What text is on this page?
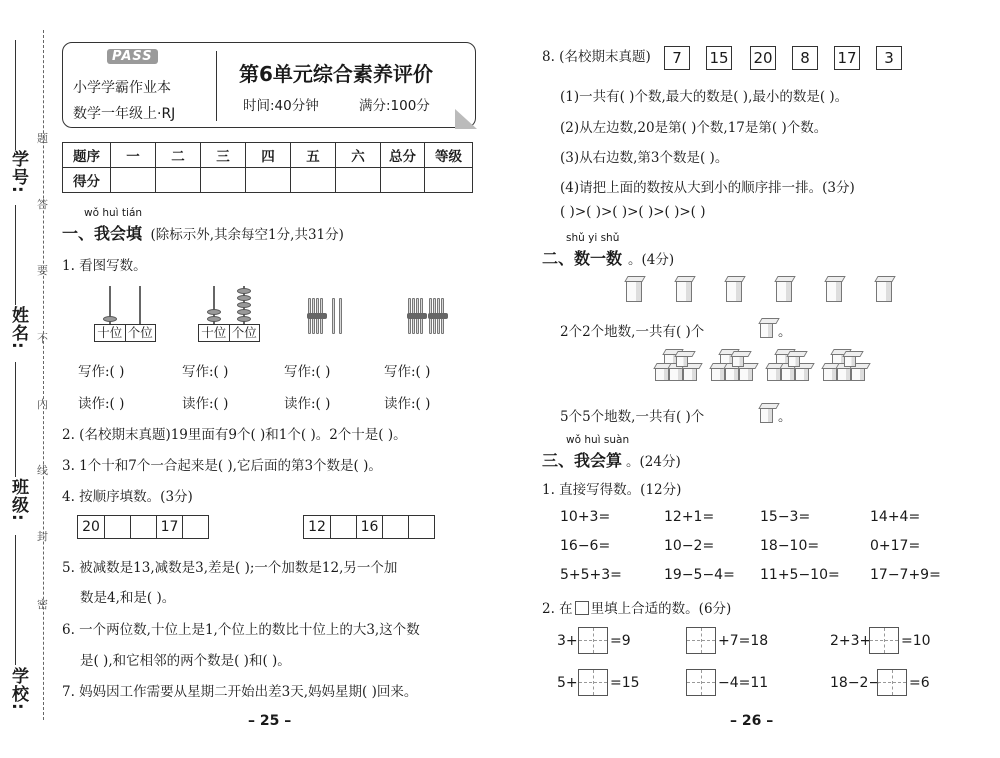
学号:
姓名:
班级:
学校:
题
答
要
不
内
线
封
密
PASS
小学学霸作业本
数学一年级上·RJ
第6单元综合素养评价
时间:40分钟	满分:100分
题序	一	二	三	四	五	六	总分	等级
得分								
wǒ huì tián
一、我会填
。(除标示外,其余每空1分,共31分)
1. 看图写数。
十位 个位	十位 个位
写作:( )	写作:( )	写作:( )	写作:( )
读作:( )	读作:( )	读作:( )	读作:( )
2. (名校期末真题)19里面有9个( )和1个( )。2个十是( )。
3. 1个十和7个一合起来是( ),它后面的第3个数是( )。
4. 按顺序填数。(3分)
20	17	12	16
5. 被减数是13,减数是3,差是( );一个加数是12,另一个加
数是4,和是( )。
6. 一个两位数,十位上是1,个位上的数比十位上的大3,这个数
是( ),和它相邻的两个数是( )和( )。
7. 妈妈因工作需要从星期二开始出差3天,妈妈星期( )回来。
– 25 –
8. (名校期末真题)	7	15 20	8	17	3
(1)一共有( )个数,最大的数是( ),最小的数是( )。
(2)从左边数,20是第( )个数,17是第( )个数。
(3)从右边数,第3个数是( )。
(4)请把上面的数按从大到小的顺序排一排。(3分)
( )>( )>( )>( )>( )>( )
shǔ yi shǔ
二、数一数 。(4分)
2个2个地数,一共有( )个	。
5个5个地数,一共有( )个	。
wǒ huì suàn
三、我会算 。(24分)
1. 直接写得数。(12分)
10+3=	12+1=	15−3=	14+4=
16−6=	10−2=	18−10=	0+17=
5+5+3=	19−5−4= 11+5−10= 17−7+9=
2. 在 里填上合适的数。(6分)
3+ =9	+7=18	2+3+ =10
5+ =15	−4=11	18−2− =6
– 26 –
